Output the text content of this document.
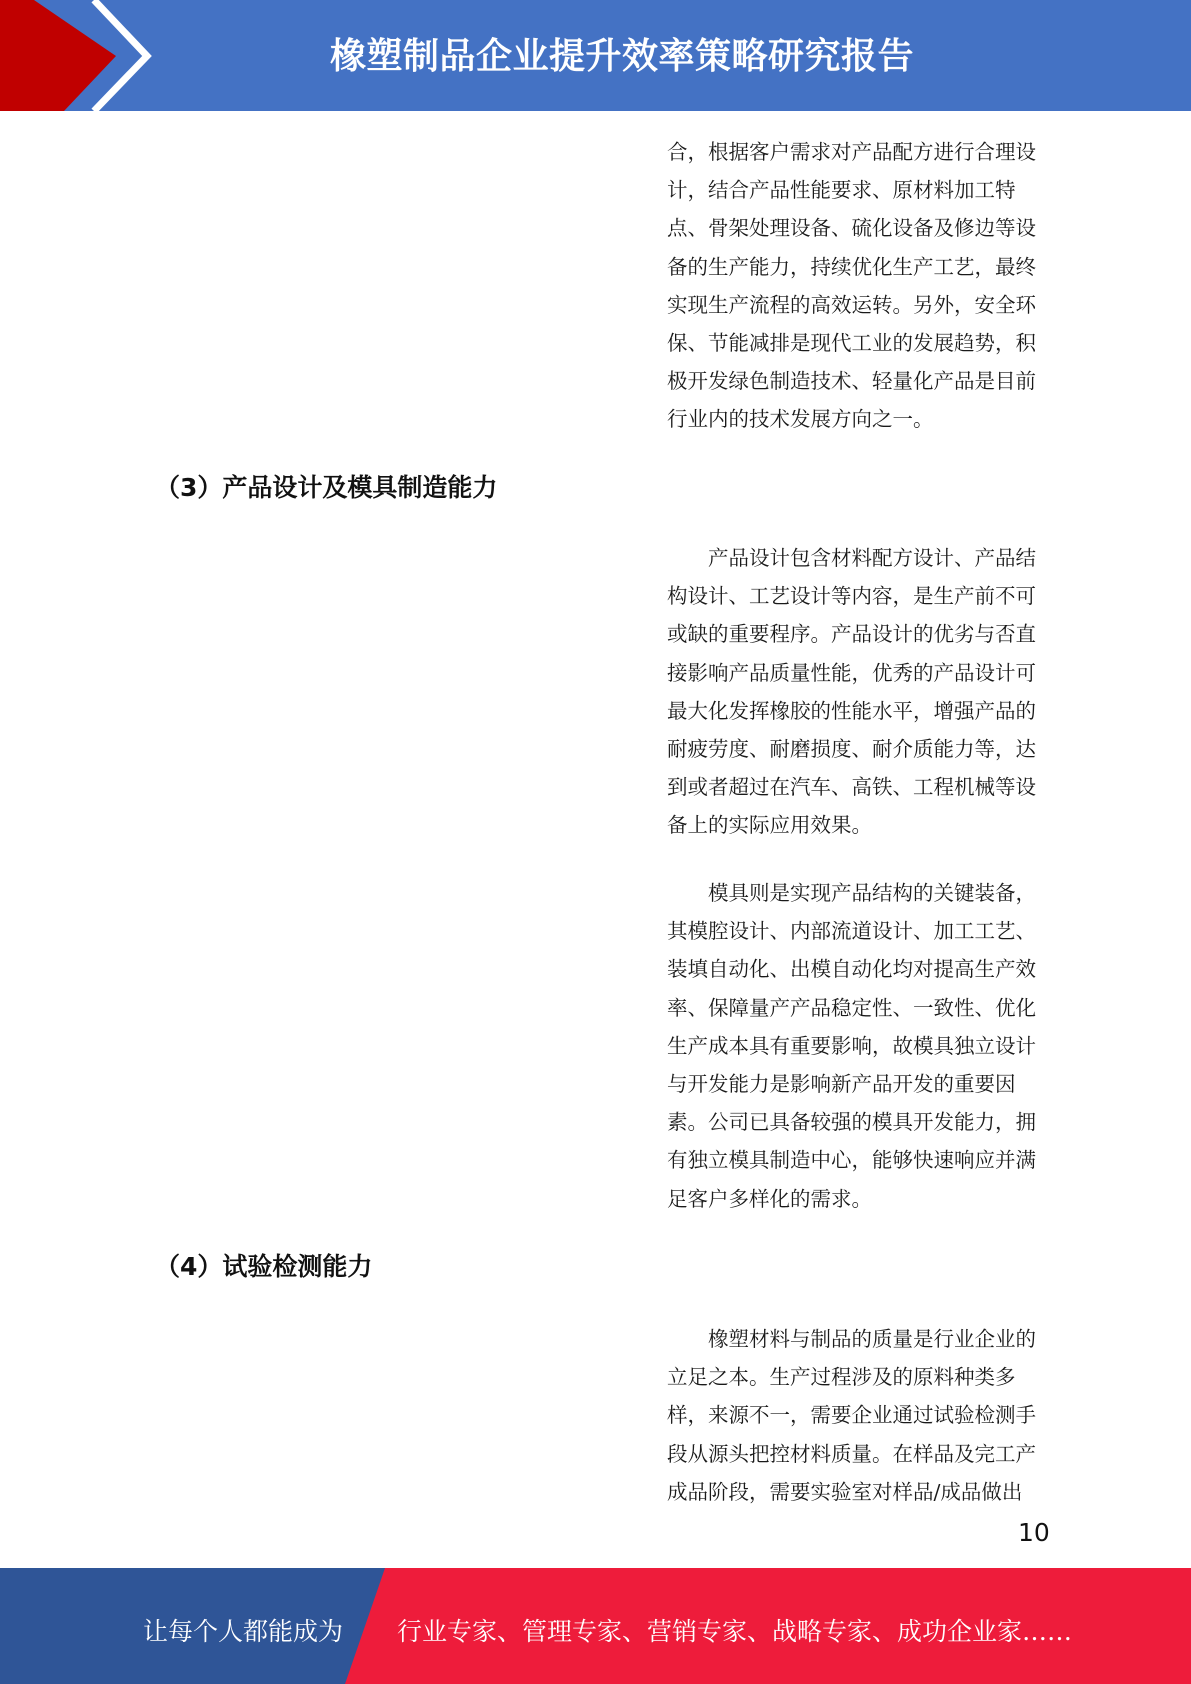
橡塑制品企业提升效率策略研究报告
合，根据客户需求对产品配方进行合理设
计，结合产品性能要求、原材料加工特
点、骨架处理设备、硫化设备及修边等设
备的生产能力，持续优化生产工艺，最终
实现生产流程的高效运转。另外，安全环
保、节能减排是现代工业的发展趋势，积
极开发绿色制造技术、轻量化产品是目前
行业内的技术发展方向之一。
（3）产品设计及模具制造能力
产品设计包含材料配方设计、产品结
构设计、工艺设计等内容，是生产前不可
或缺的重要程序。产品设计的优劣与否直
接影响产品质量性能，优秀的产品设计可
最大化发挥橡胶的性能水平，增强产品的
耐疲劳度、耐磨损度、耐介质能力等，达
到或者超过在汽车、高铁、工程机械等设
备上的实际应用效果。
模具则是实现产品结构的关键装备，
其模腔设计、内部流道设计、加工工艺、
装填自动化、出模自动化均对提高生产效
率、保障量产产品稳定性、一致性、优化
生产成本具有重要影响，故模具独立设计
与开发能力是影响新产品开发的重要因
素。公司已具备较强的模具开发能力，拥
有独立模具制造中心，能够快速响应并满
足客户多样化的需求。
（4）试验检测能力
橡塑材料与制品的质量是行业企业的
立足之本。生产过程涉及的原料种类多
样，来源不一，需要企业通过试验检测手
段从源头把控材料质量。在样品及完工产
成品阶段，需要实验室对样品/成品做出
10
让每个人都能成为 行业专家、管理专家、营销专家、战略专家、成功企业家……
